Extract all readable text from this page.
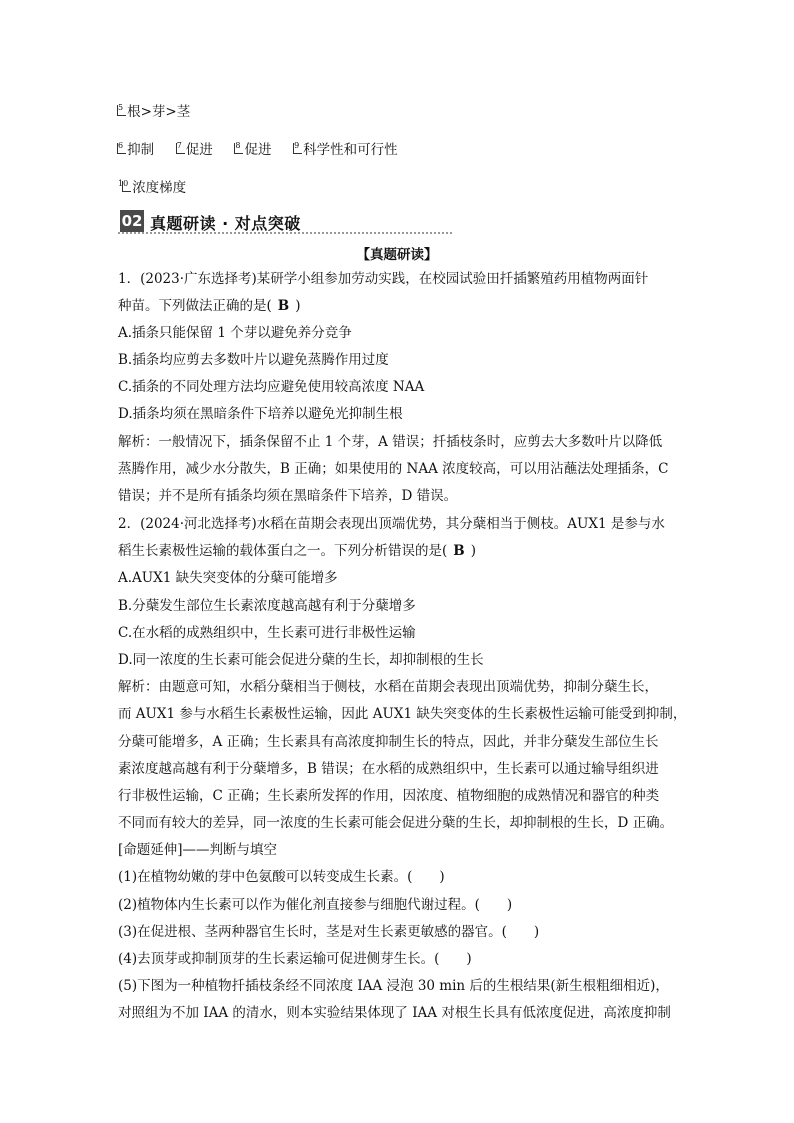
$^5$ 根>芽>茎
$^6$ 抑制	$^7$ 促进	$^8$ 促进	$^9$ 科学性和可行性
$^{10}$ 浓度梯度
02 真题研读 · 对点突破
【真题研读】
1．(2023·广东选择考)某研学小组参加劳动实践，在校园试验田扦插繁殖药用植物两面针
种苗。下列做法正确的是( B )
A.插条只能保留 1 个芽以避免养分竞争
B.插条均应剪去多数叶片以避免蒸腾作用过度
C.插条的不同处理方法均应避免使用较高浓度 NAA
D.插条均须在黑暗条件下培养以避免光抑制生根
解析：一般情况下，插条保留不止 1 个芽，A 错误；扦插枝条时，应剪去大多数叶片以降低
蒸腾作用，减少水分散失，B 正确；如果使用的 NAA 浓度较高，可以用沾蘸法处理插条，C
错误；并不是所有插条均须在黑暗条件下培养，D 错误。
2．(2024·河北选择考)水稻在苗期会表现出顶端优势，其分蘖相当于侧枝。AUX1 是参与水
稻生长素极性运输的载体蛋白之一。下列分析错误的是( B )
A.AUX1 缺失突变体的分蘖可能增多
B.分蘖发生部位生长素浓度越高越有利于分蘖增多
C.在水稻的成熟组织中，生长素可进行非极性运输
D.同一浓度的生长素可能会促进分蘖的生长，却抑制根的生长
解析：由题意可知，水稻分蘖相当于侧枝，水稻在苗期会表现出顶端优势，抑制分蘖生长，
而 AUX1 参与水稻生长素极性运输，因此 AUX1 缺失突变体的生长素极性运输可能受到抑制，
分蘖可能增多，A 正确；生长素具有高浓度抑制生长的特点，因此，并非分蘖发生部位生长
素浓度越高越有利于分蘖增多，B 错误；在水稻的成熟组织中，生长素可以通过输导组织进
行非极性运输，C 正确；生长素所发挥的作用，因浓度、植物细胞的成熟情况和器官的种类
不同而有较大的差异，同一浓度的生长素可能会促进分蘖的生长，却抑制根的生长，D 正确。
[命题延伸]——判断与填空
(1)在植物幼嫩的芽中色氨酸可以转变成生长素。(　　)
(2)植物体内生长素可以作为催化剂直接参与细胞代谢过程。(　　)
(3)在促进根、茎两种器官生长时，茎是对生长素更敏感的器官。(　　)
(4)去顶芽或抑制顶芽的生长素运输可促进侧芽生长。(　　)
(5)下图为一种植物扦插枝条经不同浓度 IAA 浸泡 30 min 后的生根结果(新生根粗细相近)，
对照组为不加 IAA 的清水，则本实验结果体现了 IAA 对根生长具有低浓度促进，高浓度抑制
